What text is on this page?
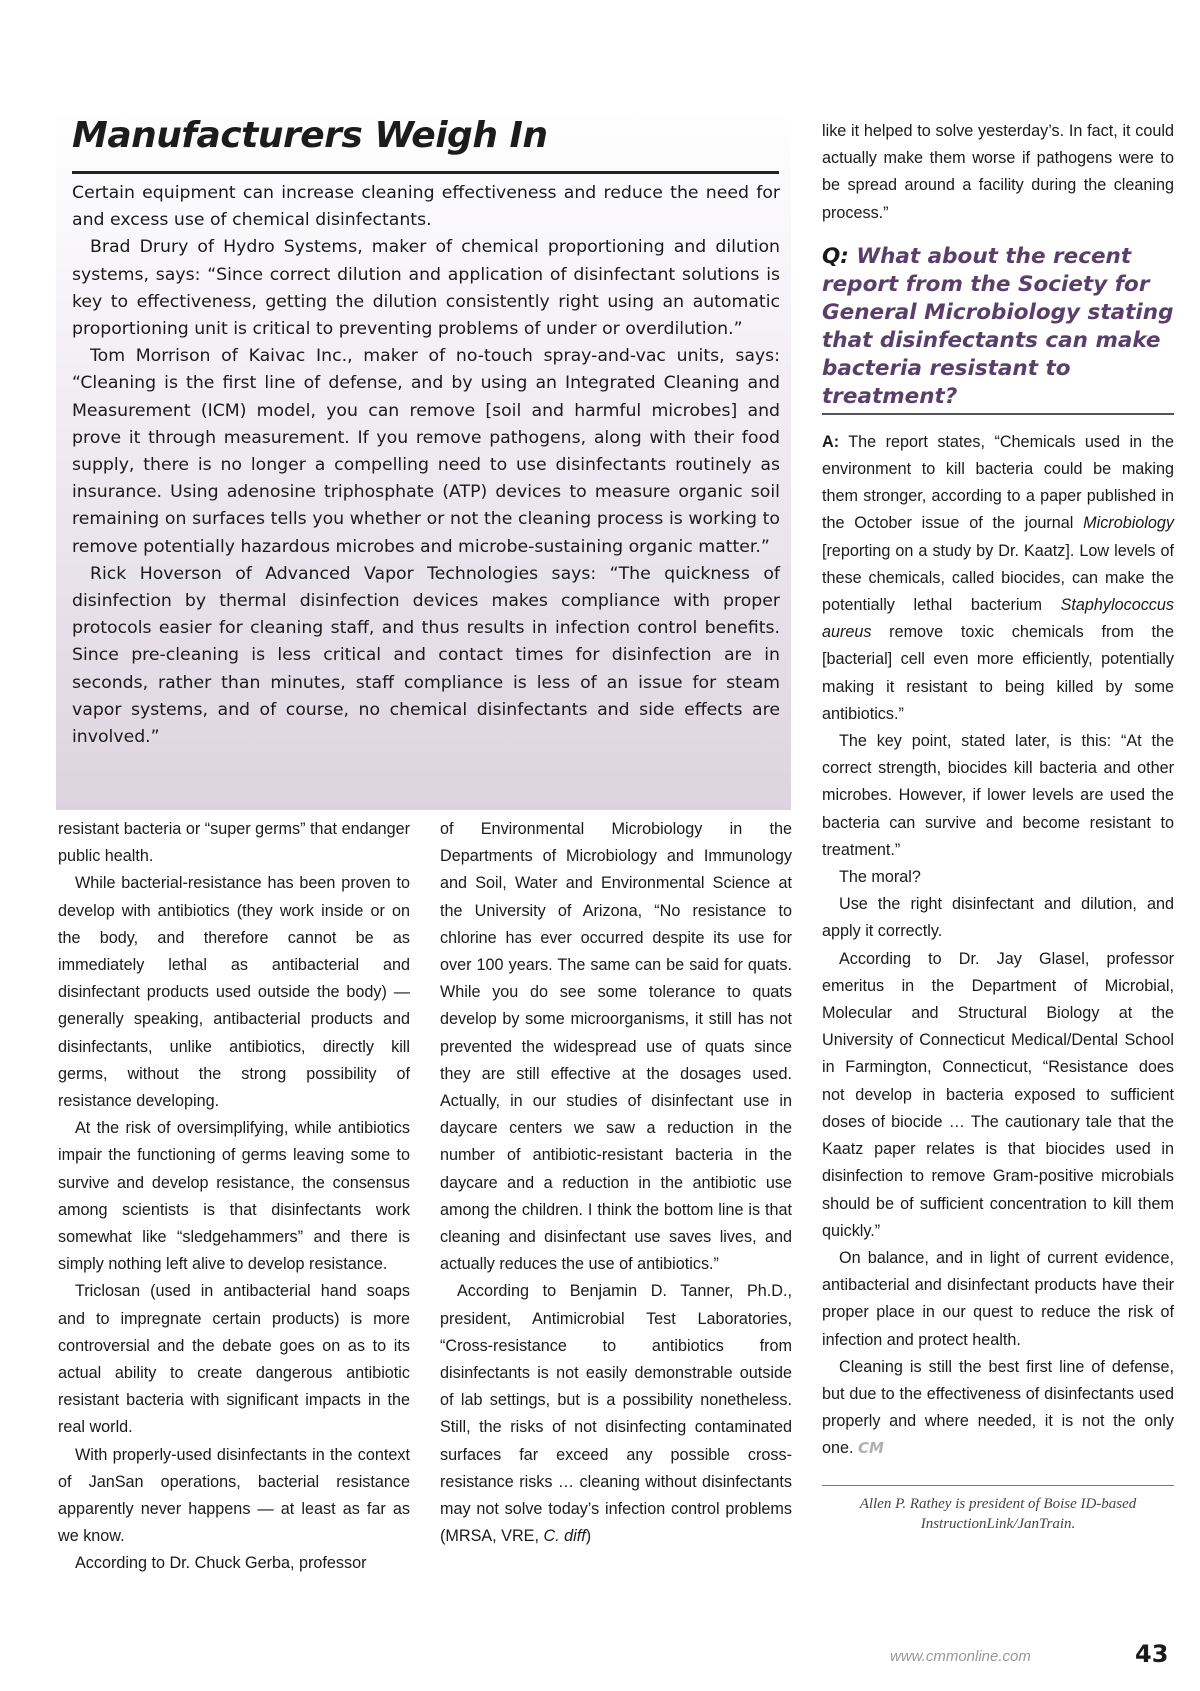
Manufacturers Weigh In

Certain equipment can increase cleaning effectiveness and reduce the need for and excess use of chemical disinfectants.

Brad Drury of Hydro Systems, maker of chemical proportioning and dilution systems, says: “Since correct dilution and application of disinfectant solutions is key to effectiveness, getting the dilution consistently right using an automatic proportioning unit is critical to preventing problems of under or overdilution.”

Tom Morrison of Kaivac Inc., maker of no-touch spray-and-vac units, says: “Cleaning is the first line of defense, and by using an Integrated Cleaning and Measurement (ICM) model, you can remove [soil and harmful microbes] and prove it through measurement. If you remove pathogens, along with their food supply, there is no longer a compelling need to use disinfectants routinely as insurance. Using adenosine triphosphate (ATP) devices to measure organic soil remaining on surfaces tells you whether or not the cleaning process is working to remove potentially hazardous microbes and microbe-sustaining organic matter.”

Rick Hoverson of Advanced Vapor Technologies says: “The quickness of disinfection by thermal disinfection devices makes compliance with proper protocols easier for cleaning staff, and thus results in infection control benefits. Since pre-cleaning is less critical and contact times for disinfection are in seconds, rather than minutes, staff compliance is less of an issue for steam vapor systems, and of course, no chemical disinfectants and side effects are involved.”

resistant bacteria or “super germs” that endanger public health.

While bacterial-resistance has been proven to develop with antibiotics (they work inside or on the body, and therefore cannot be as immediately lethal as antibacterial and disinfectant products used outside the body) — generally speaking, antibacterial products and disinfectants, unlike antibiotics, directly kill germs, without the strong possibility of resistance developing.

At the risk of oversimplifying, while antibiotics impair the functioning of germs leaving some to survive and develop resistance, the consensus among scientists is that disinfectants work somewhat like “sledgehammers” and there is simply nothing left alive to develop resistance.

Triclosan (used in antibacterial hand soaps and to impregnate certain products) is more controversial and the debate goes on as to its actual ability to create dangerous antibiotic resistant bacteria with significant impacts in the real world.

With properly-used disinfectants in the context of JanSan operations, bacterial resistance apparently never happens — at least as far as we know.

According to Dr. Chuck Gerba, professor

of Environmental Microbiology in the Departments of Microbiology and Immunology and Soil, Water and Environmental Science at the University of Arizona, “No resistance to chlorine has ever occurred despite its use for over 100 years. The same can be said for quats. While you do see some tolerance to quats develop by some microorganisms, it still has not prevented the widespread use of quats since they are still effective at the dosages used. Actually, in our studies of disinfectant use in daycare centers we saw a reduction in the number of antibiotic-resistant bacteria in the daycare and a reduction in the antibiotic use among the children. I think the bottom line is that cleaning and disinfectant use saves lives, and actually reduces the use of antibiotics.”

According to Benjamin D. Tanner, Ph.D., president, Antimicrobial Test Laboratories, “Cross-resistance to antibiotics from disinfectants is not easily demonstrable outside of lab settings, but is a possibility nonetheless. Still, the risks of not disinfecting contaminated surfaces far exceed any possible cross-resistance risks … cleaning without disinfectants may not solve today’s infection control problems (MRSA, VRE, C. diff)

like it helped to solve yesterday’s. In fact, it could actually make them worse if pathogens were to be spread around a facility during the cleaning process.”

Q: What about the recent report from the Society for General Microbiology stating that disinfectants can make bacteria resistant to treatment?

A: The report states, “Chemicals used in the environment to kill bacteria could be making them stronger, according to a paper published in the October issue of the journal Microbiology [reporting on a study by Dr. Kaatz]. Low levels of these chemicals, called biocides, can make the potentially lethal bacterium Staphylococcus aureus remove toxic chemicals from the [bacterial] cell even more efficiently, potentially making it resistant to being killed by some antibiotics.”

The key point, stated later, is this: “At the correct strength, biocides kill bacteria and other microbes. However, if lower levels are used the bacteria can survive and become resistant to treatment.”

The moral?

Use the right disinfectant and dilution, and apply it correctly.

According to Dr. Jay Glasel, professor emeritus in the Department of Microbial, Molecular and Structural Biology at the University of Connecticut Medical/Dental School in Farmington, Connecticut, “Resistance does not develop in bacteria exposed to sufficient doses of biocide … The cautionary tale that the Kaatz paper relates is that biocides used in disinfection to remove Gram-positive microbials should be of sufficient concentration to kill them quickly.”

On balance, and in light of current evidence, antibacterial and disinfectant products have their proper place in our quest to reduce the risk of infection and protect health.

Cleaning is still the best first line of defense, but due to the effectiveness of disinfectants used properly and where needed, it is not the only one. CM

Allen P. Rathey is president of Boise ID-based InstructionLink/JanTrain.

www.cmmonline.com	43
